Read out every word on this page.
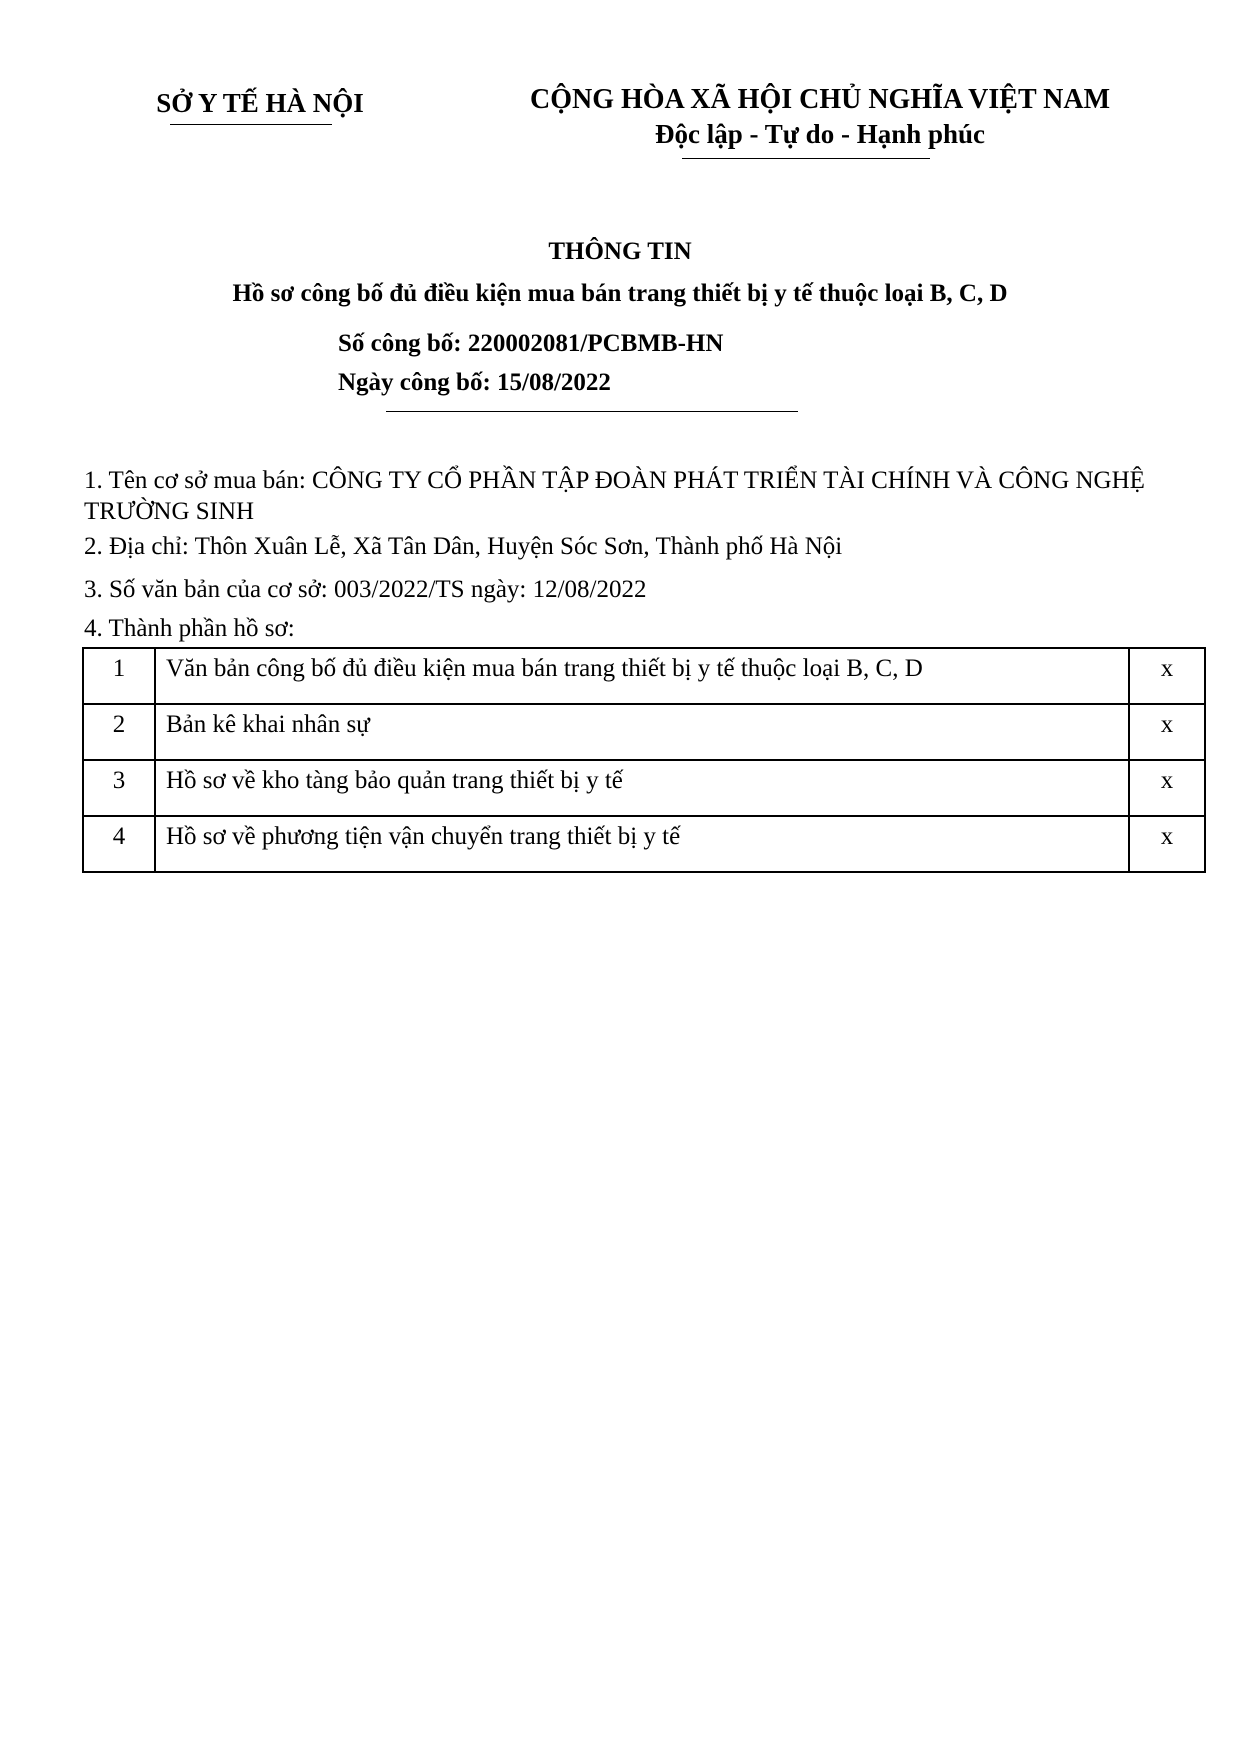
SỞ Y TẾ HÀ NỘI	CỘNG HÒA XÃ HỘI CHỦ NGHĨA VIỆT NAM
Độc lập - Tự do - Hạnh phúc
THÔNG TIN
Hồ sơ công bố đủ điều kiện mua bán trang thiết bị y tế thuộc loại B, C, D
Số công bố: 220002081/PCBMB-HN
Ngày công bố: 15/08/2022
1. Tên cơ sở mua bán: CÔNG TY CỔ PHẦN TẬP ĐOÀN PHÁT TRIỂN TÀI CHÍNH VÀ CÔNG NGHỆ TRƯỜNG SINH
2. Địa chỉ: Thôn Xuân Lễ, Xã Tân Dân, Huyện Sóc Sơn, Thành phố Hà Nội
3. Số văn bản của cơ sở: 003/2022/TS ngày: 12/08/2022
4. Thành phần hồ sơ:
1	Văn bản công bố đủ điều kiện mua bán trang thiết bị y tế thuộc loại B, C, D	x
2	Bản kê khai nhân sự	x
3	Hồ sơ về kho tàng bảo quản trang thiết bị y tế	x
4	Hồ sơ về phương tiện vận chuyển trang thiết bị y tế	x
